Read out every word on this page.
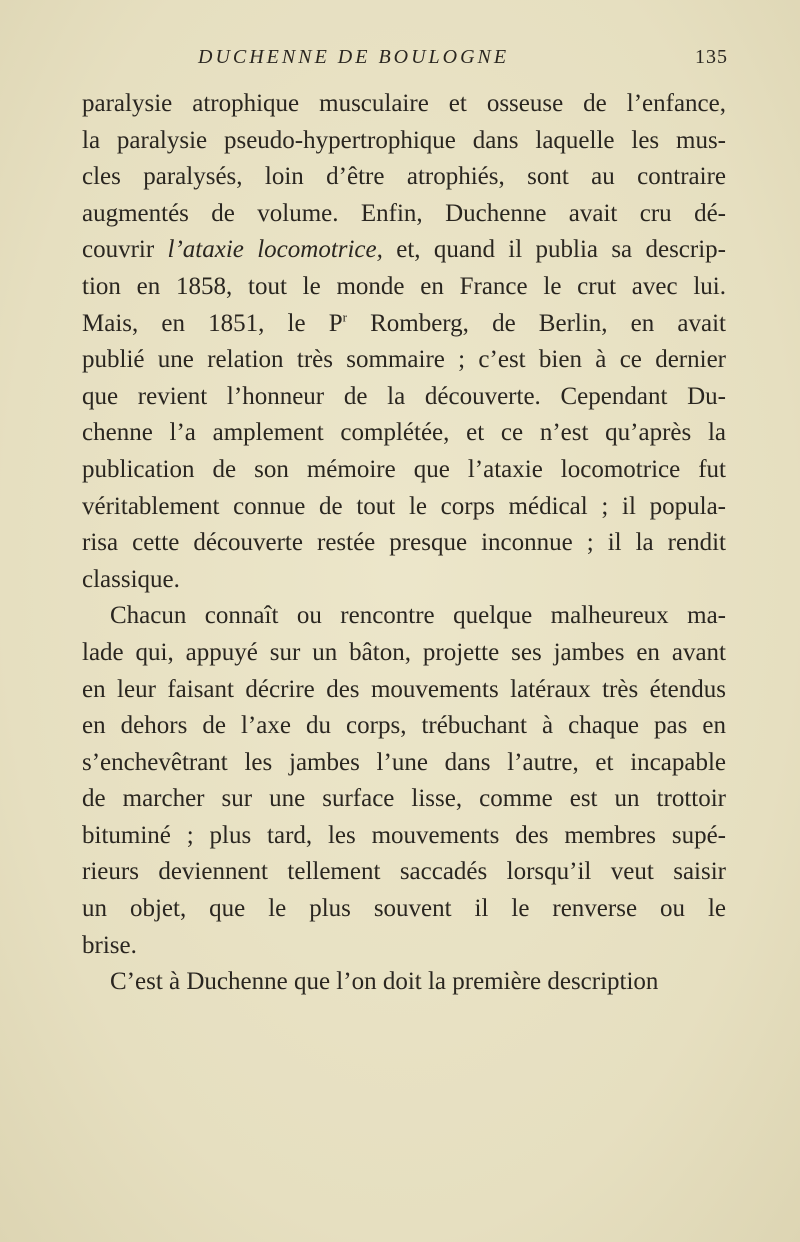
DUCHENNE DE BOULOGNE	135
paralysie atrophique musculaire et osseuse de l’enfance,
la paralysie pseudo-hypertrophique dans laquelle les mus-
cles paralysés, loin d’être atrophiés, sont au contraire
augmentés de volume. Enfin, Duchenne avait cru dé-
couvrir l’ataxie locomotrice, et, quand il publia sa descrip-
tion en 1858, tout le monde en France le crut avec lui.
Mais, en 1851, le $P^r$ Romberg, de Berlin, en avait
publié une relation très sommaire ; c’est bien à ce dernier
que revient l’honneur de la découverte. Cependant Du-
chenne l’a amplement complétée, et ce n’est qu’après la
publication de son mémoire que l’ataxie locomotrice fut
véritablement connue de tout le corps médical ; il popula-
risa cette découverte restée presque inconnue ; il la rendit
classique.
Chacun connaît ou rencontre quelque malheureux ma-
lade qui, appuyé sur un bâton, projette ses jambes en avant
en leur faisant décrire des mouvements latéraux très étendus
en dehors de l’axe du corps, trébuchant à chaque pas en
s’enchevêtrant les jambes l’une dans l’autre, et incapable
de marcher sur une surface lisse, comme est un trottoir
bituminé ; plus tard, les mouvements des membres supé-
rieurs deviennent tellement saccadés lorsqu’il veut saisir
un objet, que le plus souvent il le renverse ou le
brise.
C’est à Duchenne que l’on doit la première description
